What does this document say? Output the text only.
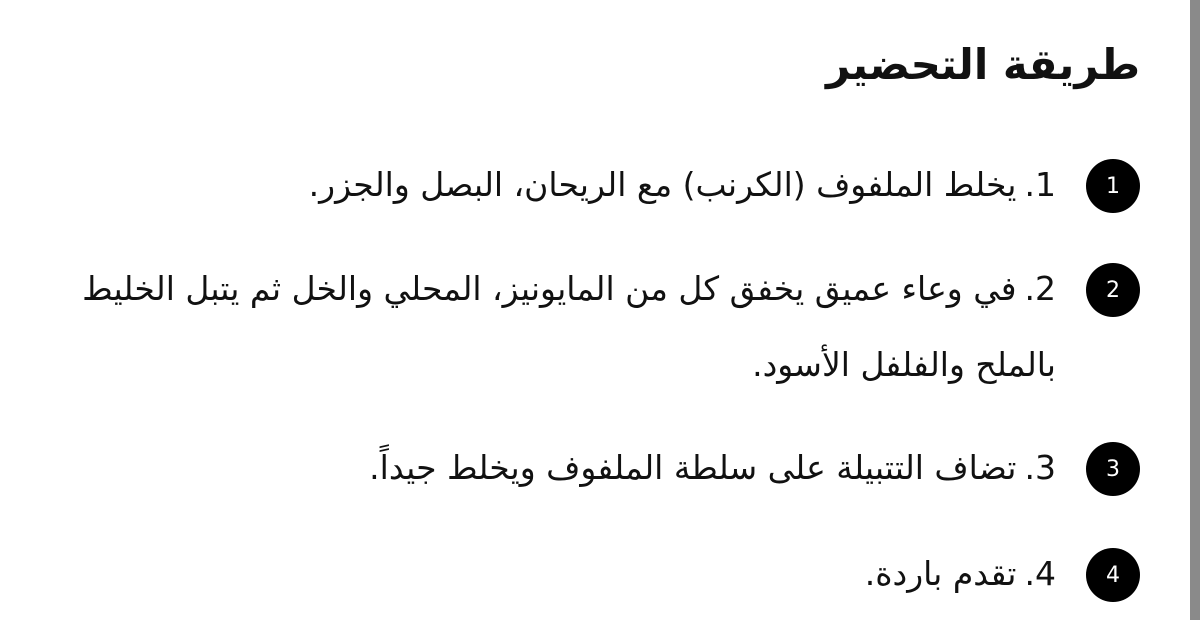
طريقة التحضير
1
1.يخلط الملفوف (الكرنب) مع الريحان، البصل والجزر.
2
2.في وعاء عميق يخفق كل من المايونيز، المحلي والخل ثم يتبل الخليط بالملح والفلفل الأسود.
3
3.تضاف التتبيلة على سلطة الملفوف ويخلط جيداً.
4
4.تقدم باردة.
